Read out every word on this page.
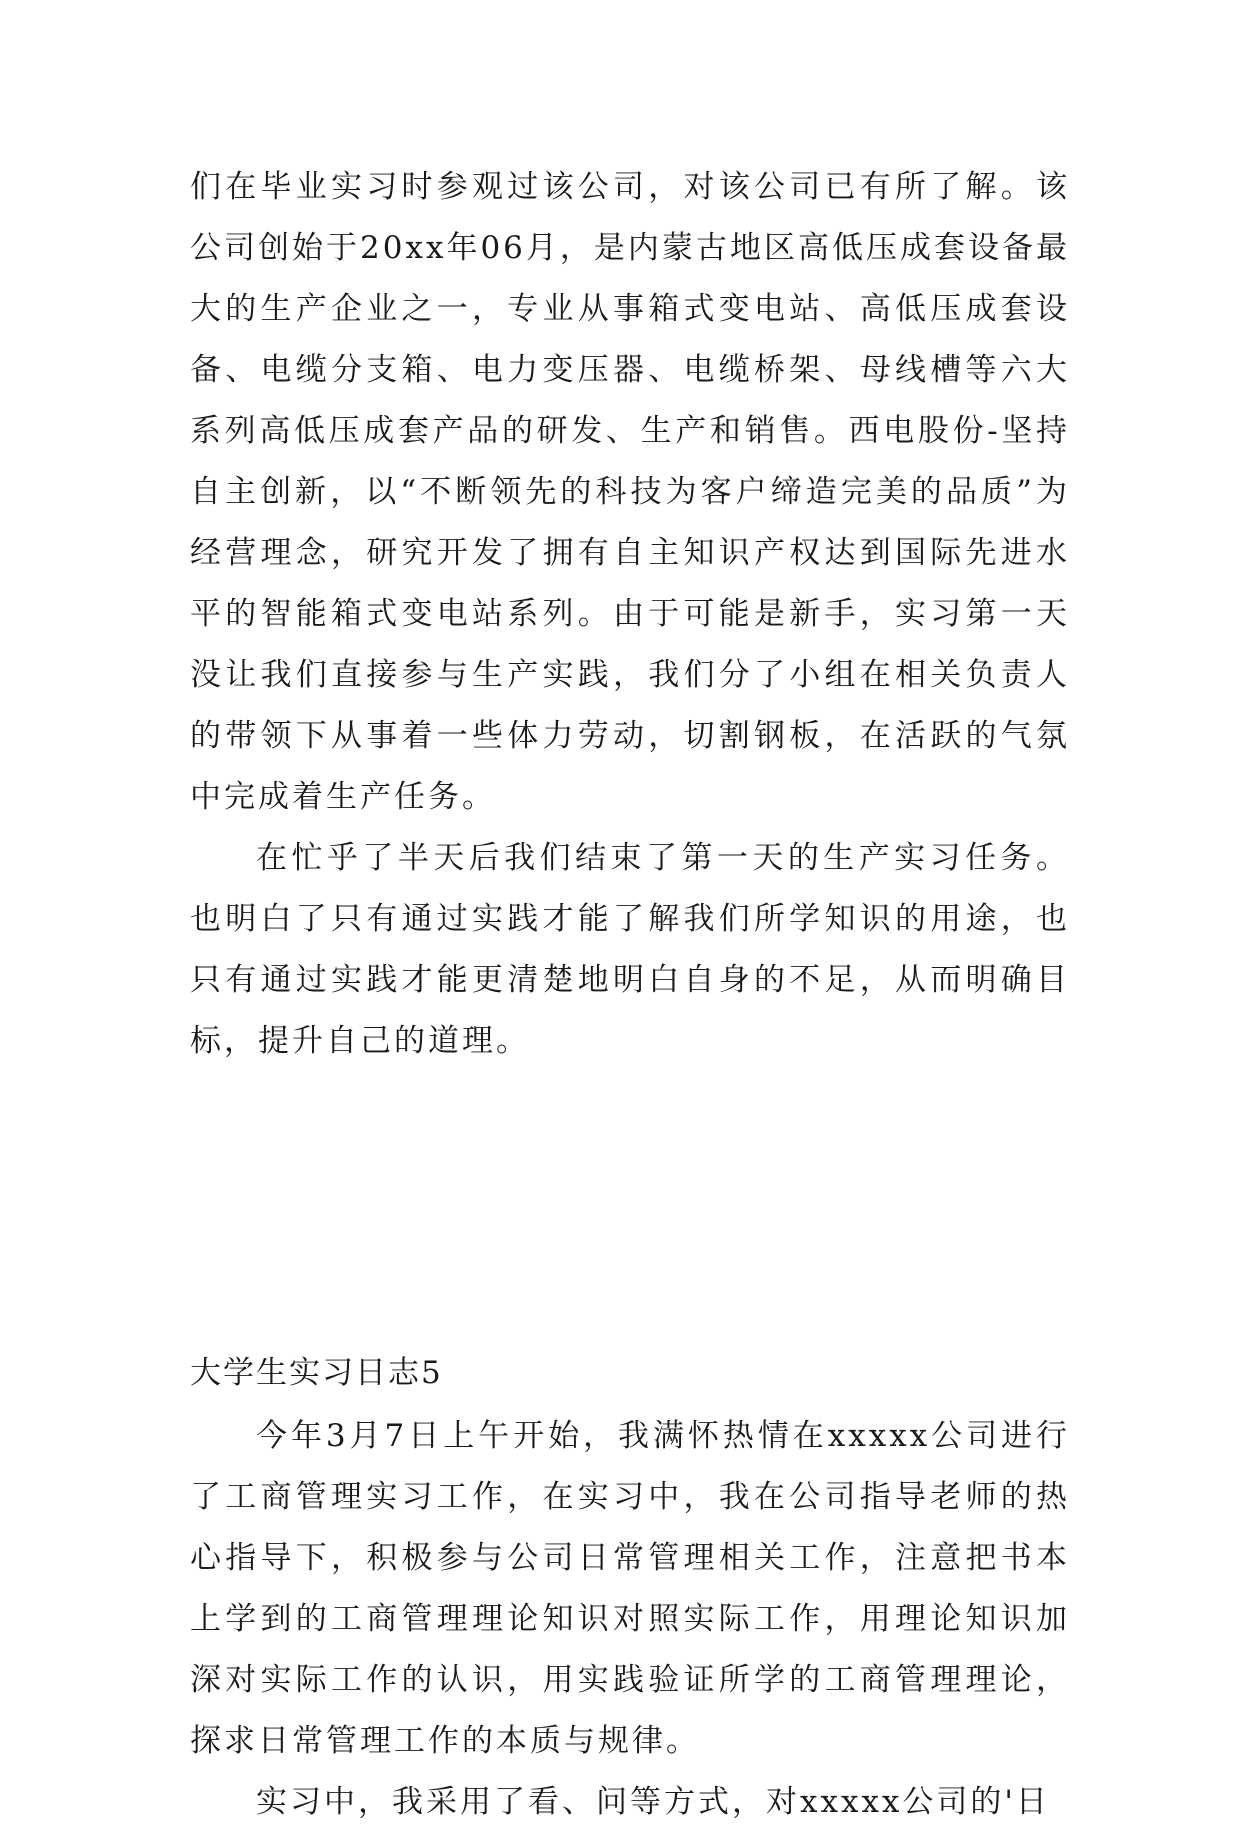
们在毕业实习时参观过该公司，对该公司已有所了解。该公司创始于20xx年06月，是内蒙古地区高低压成套设备最大的生产企业之一，专业从事箱式变电站、高低压成套设备、电缆分支箱、电力变压器、电缆桥架、母线槽等六大系列高低压成套产品的研发、生产和销售。西电股份-坚持自主创新，以“不断领先的科技为客户缔造完美的品质”为经营理念，研究开发了拥有自主知识产权达到国际先进水平的智能箱式变电站系列。由于可能是新手，实习第一天没让我们直接参与生产实践，我们分了小组在相关负责人的带领下从事着一些体力劳动，切割钢板，在活跃的气氛中完成着生产任务。

在忙乎了半天后我们结束了第一天的生产实习任务。也明白了只有通过实践才能了解我们所学知识的用途，也只有通过实践才能更清楚地明白自身的不足，从而明确目标，提升自己的道理。

大学生实习日志5

今年3月7日上午开始，我满怀热情在xxxxx公司进行了工商管理实习工作，在实习中，我在公司指导老师的热心指导下，积极参与公司日常管理相关工作，注意把书本上学到的工商管理理论知识对照实际工作，用理论知识加深对实际工作的认识，用实践验证所学的工商管理理论，探求日常管理工作的本质与规律。

实习中，我采用了看、问等方式，对xxxxx公司的'日
